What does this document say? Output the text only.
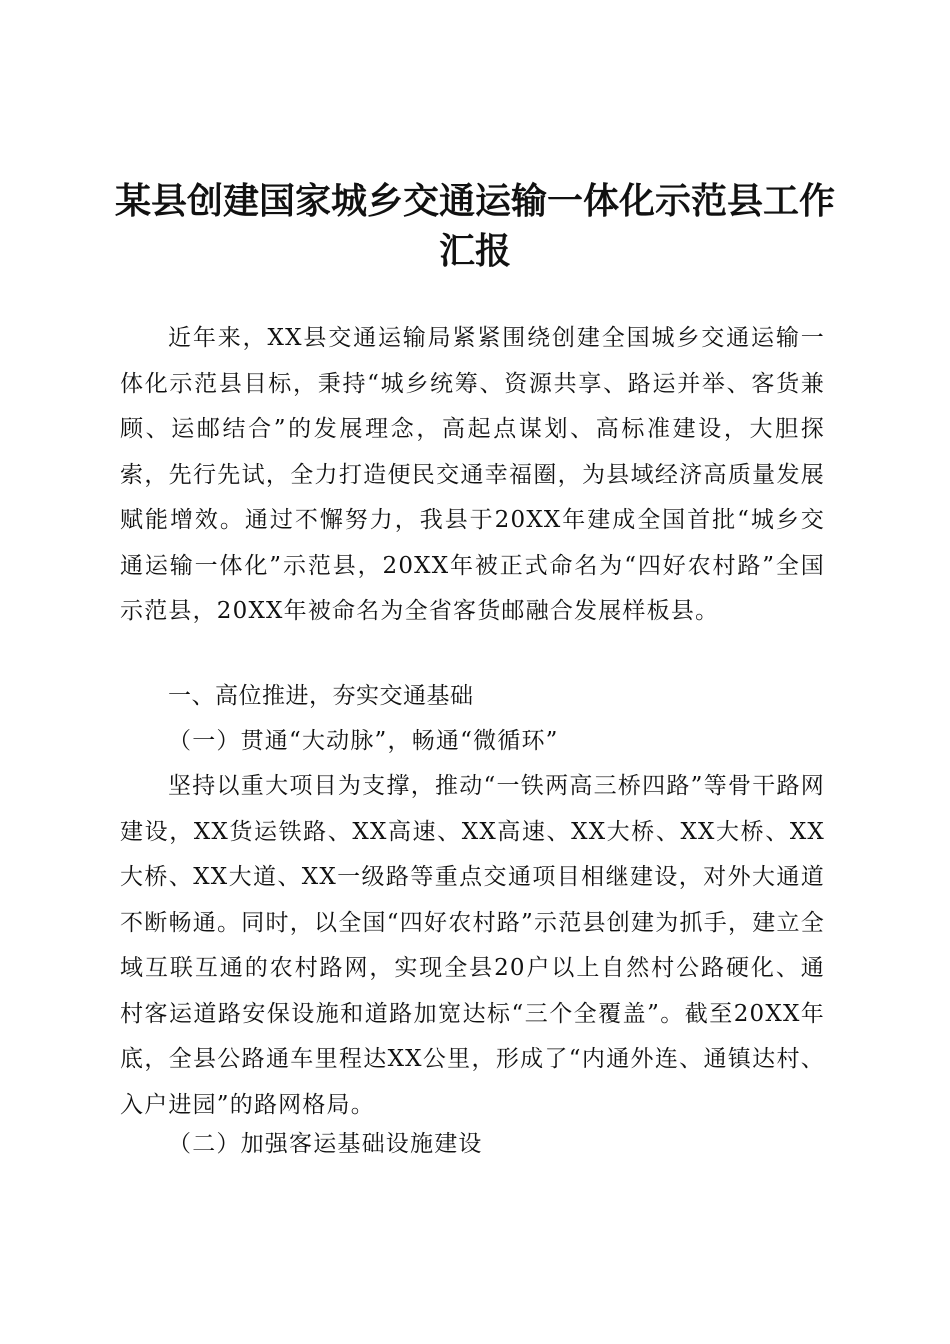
某县创建国家城乡交通运输一体化示范县工作
汇报
近年来，XX县交通运输局紧紧围绕创建全国城乡交通运输一体化示范县目标，秉持“城乡统筹、资源共享、路运并举、客货兼顾、运邮结合”的发展理念，高起点谋划、高标准建设，大胆探索，先行先试，全力打造便民交通幸福圈，为县域经济高质量发展赋能增效。通过不懈努力，我县于20XX年建成全国首批“城乡交通运输一体化”示范县，20XX年被正式命名为“四好农村路”全国示范县，20XX年被命名为全省客货邮融合发展样板县。
一、高位推进，夯实交通基础
（一）贯通“大动脉”，畅通“微循环”
坚持以重大项目为支撑，推动“一铁两高三桥四路”等骨干路网建设，XX货运铁路、XX高速、XX高速、XX大桥、XX大桥、XX大桥、XX大道、XX一级路等重点交通项目相继建设，对外大通道不断畅通。同时，以全国“四好农村路”示范县创建为抓手，建立全域互联互通的农村路网，实现全县20户以上自然村公路硬化、通村客运道路安保设施和道路加宽达标“三个全覆盖”。截至20XX年底，全县公路通车里程达XX公里，形成了“内通外连、通镇达村、入户进园”的路网格局。
（二）加强客运基础设施建设
